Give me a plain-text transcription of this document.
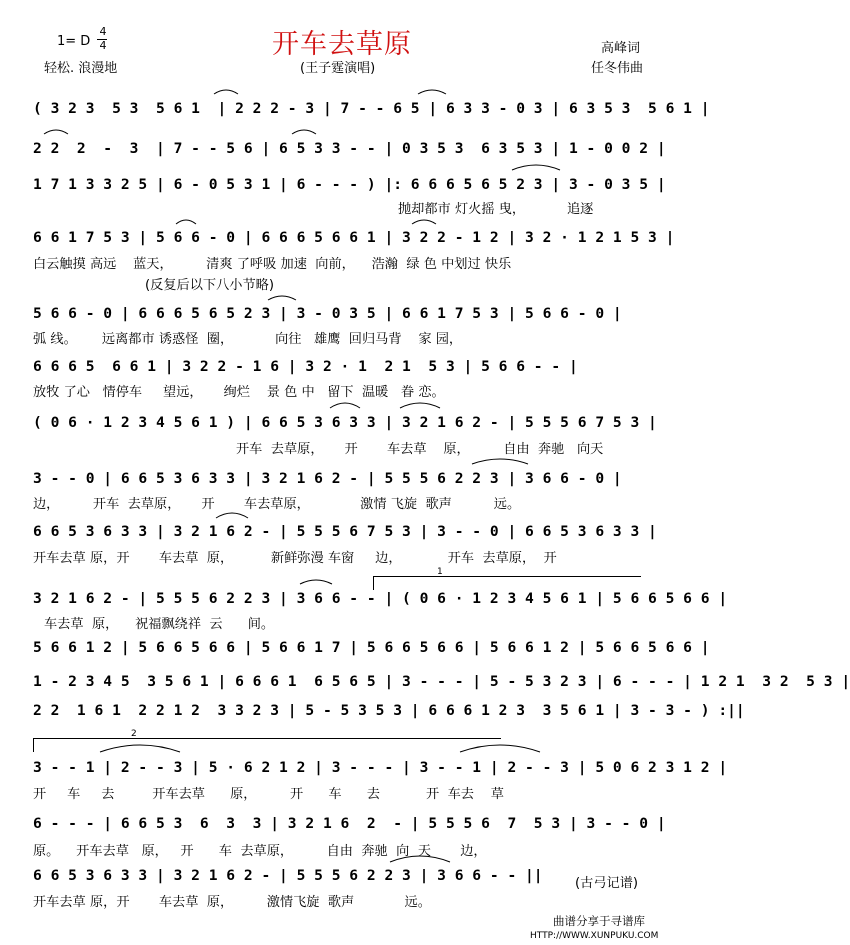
1= D
4
4
轻松. 浪漫地
开车去草原
(王子霆演唱)
高峰词
任冬伟曲
( 3 2 3  5 3  5 6 1  | 2 2 2 - 3 | 7 - - 6 5 | 6 3 3 - 0 3 | 6 3 5 3  5 6 1 |
2 2  2  -  3  | 7 - - 5 6 | 6 5 3 3 - - | 0 3 5 3  6 3 5 3 | 1 - 0 0 2 |
1 7 1 3 3 2 5 | 6 - 0 5 3 1 | 6 - - - ) |: 6 6 6 5 6 5 2 3 | 3 - 0 3 5 |
抛却都市 灯火摇 曳，          追逐
6 6 1 7 5 3 | 5 6 6 - 0 | 6 6 6 5 6 6 1 | 3 2 2 - 1 2 | 3 2 · 1 2 1 5 3 |
白云触摸 高远    蓝天，        清爽 了呼吸 加速  向前，    浩瀚  绿 色 中划过 快乐
(反复后以下八小节略)
5 6 6 - 0 | 6 6 6 5 6 5 2 3 | 3 - 0 3 5 | 6 6 1 7 5 3 | 5 6 6 - 0 |
弧 线。      远离都市 诱惑怪  圈，          向往   雄鹰  回归马背    家 园，
6 6 6 5  6 6 1 | 3 2 2 - 1 6 | 3 2 · 1  2 1  5 3 | 5 6 6 - - |
放牧 了心   情停车     望远，     绚烂    景 色 中   留下  温暖   眷 恋。
( 0 6 · 1 2 3 4 5 6 1 ) | 6 6 5 3 6 3 3 | 3 2 1 6 2 - | 5 5 5 6 7 5 3 |
开车  去草原，     开       车去草    原，        自由  奔驰   向天
3 - - 0 | 6 6 5 3 6 3 3 | 3 2 1 6 2 - | 5 5 5 6 2 2 3 | 3 6 6 - 0 |
边，        开车  去草原，     开       车去草原，            激情 飞旋  歌声          远。
6 6 5 3 6 3 3 | 3 2 1 6 2 - | 5 5 5 6 7 5 3 | 3 - - 0 | 6 6 5 3 6 3 3 |
开车去草 原，开       车去草  原，         新鲜弥漫 车窗     边，           开车  去草原，  开
3 2 1 6 2 - | 5 5 5 6 2 2 3 | 3 6 6 - - | ( 0 6 · 1 2 3 4 5 6 1 | 5 6 6 5 6 6 |
车去草  原，    祝福飘绕祥  云      间。
5 6 6 1 2 | 5 6 6 5 6 6 | 5 6 6 1 7 | 5 6 6 5 6 6 | 5 6 6 1 2 | 5 6 6 5 6 6 |
1 - 2 3 4 5  3 5 6 1 | 6 6 6 1  6 5 6 5 | 3 - - - | 5 - 5 3 2 3 | 6 - - - | 1 2 1  3 2  5 3 |
2 2  1 6 1  2 2 1 2  3 3 2 3 | 5 - 5 3 5 3 | 6 6 6 1 2 3  3 5 6 1 | 3 - 3 - ) :||
3 - - 1 | 2 - - 3 | 5 · 6 2 1 2 | 3 - - - | 3 - - 1 | 2 - - 3 | 5 0 6 2 3 1 2 |
开     车     去         开车去草      原，        开      车      去           开  车去    草
6 - - - | 6 6 5 3  6  3  3 | 3 2 1 6  2  - | 5 5 5 6  7  5 3 | 3 - - 0 |
原。    开车去草   原，   开      车  去草原，        自由  奔驰  向  天       边，
6 6 5 3 6 3 3 | 3 2 1 6 2 - | 5 5 5 6 2 2 3 | 3 6 6 - - ||
开车去草 原，开       车去草  原，        激情飞旋  歌声            远。
(古弓记谱)
1
2
曲谱分享于寻谱库
HTTP://WWW.XUNPUKU.COM
